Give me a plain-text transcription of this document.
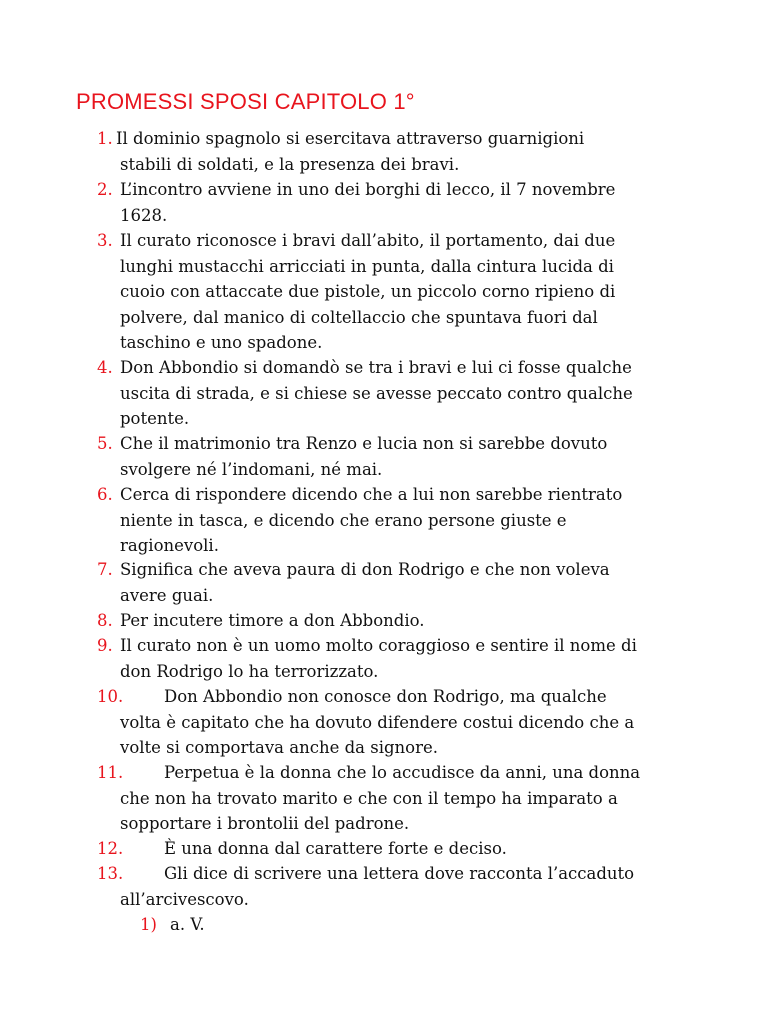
PROMESSI SPOSI CAPITOLO 1°
1. Il dominio spagnolo si esercitava attraverso guarnigioni
stabili di soldati, e la presenza dei bravi.
2. L’incontro avviene in uno dei borghi di lecco, il 7 novembre
1628.
3. Il curato riconosce i bravi dall’abito, il portamento, dai due
lunghi mustacchi arricciati in punta, dalla cintura lucida di
cuoio con attaccate due pistole, un piccolo corno ripieno di
polvere, dal manico di coltellaccio che spuntava fuori dal
taschino e uno spadone.
4. Don Abbondio si domandò se tra i bravi e lui ci fosse qualche
uscita di strada, e si chiese se avesse peccato contro qualche
potente.
5. Che il matrimonio tra Renzo e lucia non si sarebbe dovuto
svolgere né l’indomani, né mai.
6. Cerca di rispondere dicendo che a lui non sarebbe rientrato
niente in tasca, e dicendo che erano persone giuste e
ragionevoli.
7. Significa che aveva paura di don Rodrigo e che non voleva
avere guai.
8. Per incutere timore a don Abbondio.
9. Il curato non è un uomo molto coraggioso e sentire il nome di
don Rodrigo lo ha terrorizzato.
10.	Don Abbondio non conosce don Rodrigo, ma qualche
volta è capitato che ha dovuto difendere costui dicendo che a
volte si comportava anche da signore.
11.	Perpetua è la donna che lo accudisce da anni, una donna
che non ha trovato marito e che con il tempo ha imparato a
sopportare i brontolii del padrone.
12.	È una donna dal carattere forte e deciso.
13.	Gli dice di scrivere una lettera dove racconta l’accaduto
all’arcivescovo.
1) a. V.
